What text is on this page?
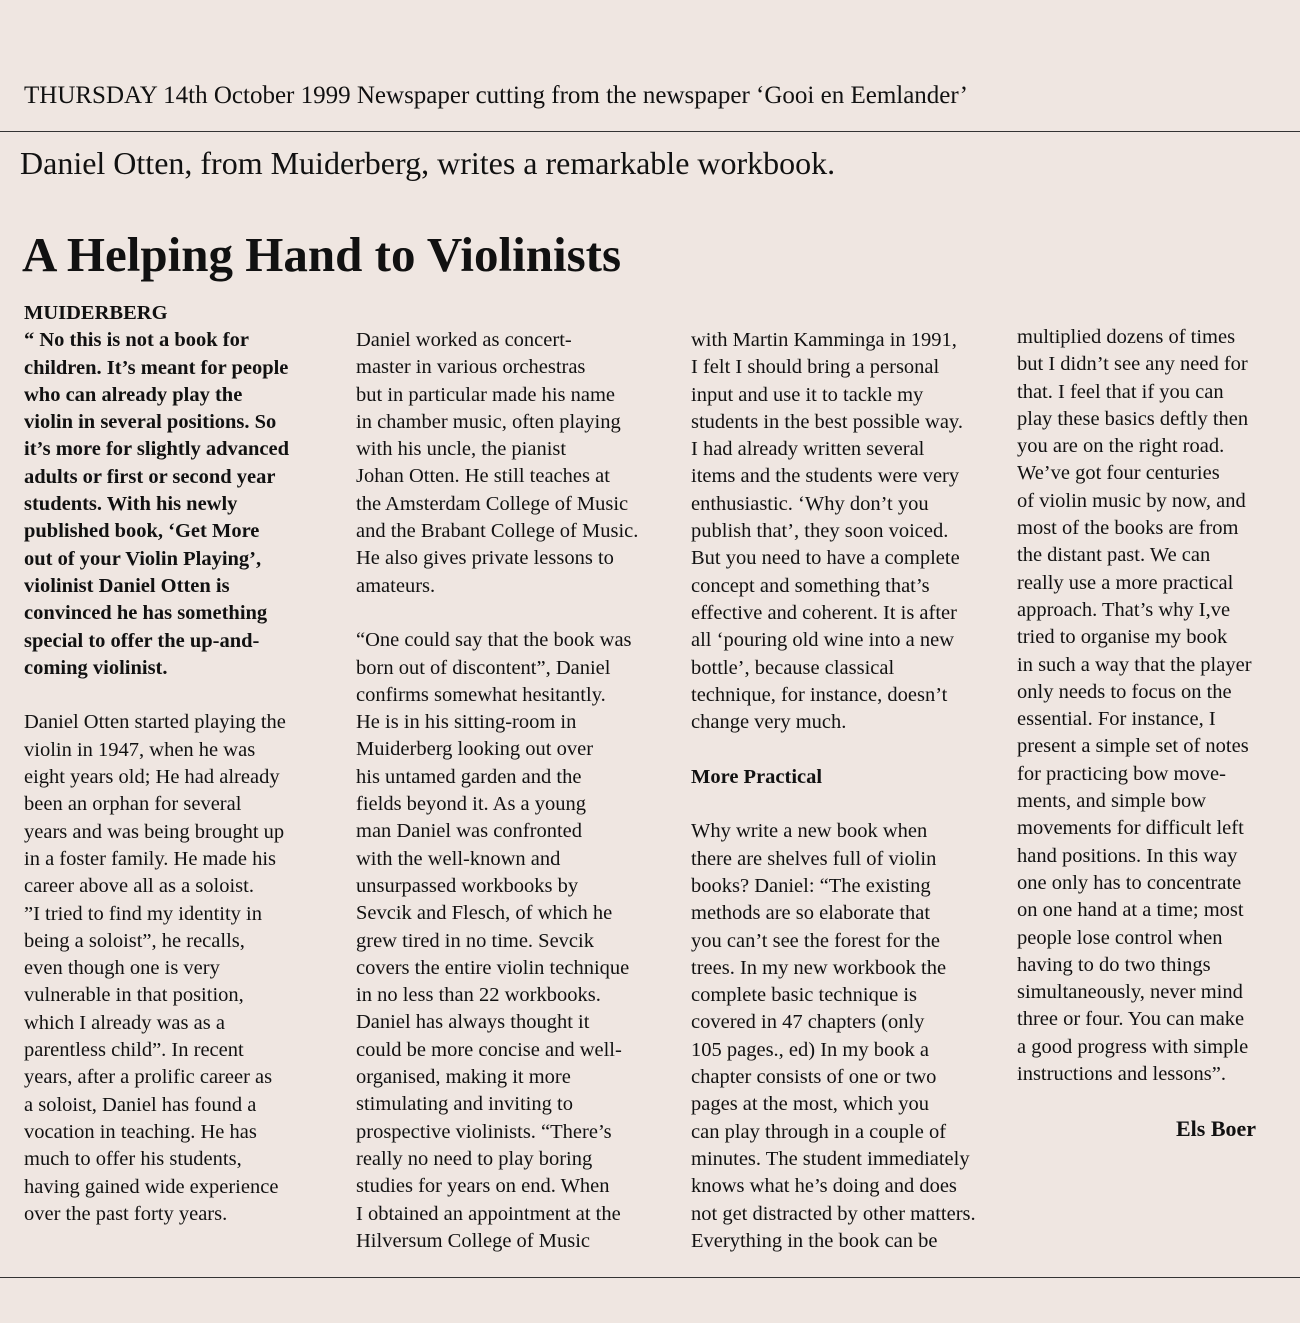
THURSDAY 14th October 1999 Newspaper cutting from the newspaper ‘Gooi en Eemlander’
Daniel Otten, from Muiderberg, writes a remarkable workbook.
A Helping Hand to Violinists
MUIDERBERG
“ No this is not a book for
children. It’s meant for people
who can already play the
violin in several positions. So
it’s more for slightly advanced
adults or first or second year
students. With his newly
published book, ‘Get More
out of your Violin Playing’,
violinist Daniel Otten is
convinced he has something
special to offer the up-and-
coming violinist.
Daniel Otten started playing the
violin in 1947, when he was
eight years old; He had already
been an orphan for several
years and was being brought up
in a foster family. He made his
career above all as a soloist.
”I tried to find my identity in
being a soloist”, he recalls,
even though one is very
vulnerable in that position,
which I already was as a
parentless child”. In recent
years, after a prolific career as
a soloist, Daniel has found a
vocation in teaching. He has
much to offer his students,
having gained wide experience
over the past forty years.
Daniel worked as concert-
master in various orchestras
but in particular made his name
in chamber music, often playing
with his uncle, the pianist
Johan Otten. He still teaches at
the Amsterdam College of Music
and the Brabant College of Music.
He also gives private lessons to
amateurs.
“One could say that the book was
born out of discontent”, Daniel
confirms somewhat hesitantly.
He is in his sitting-room in
Muiderberg looking out over
his untamed garden and the
fields beyond it. As a young
man Daniel was confronted
with the well-known and
unsurpassed workbooks by
Sevcik and Flesch, of which he
grew tired in no time. Sevcik
covers the entire violin technique
in no less than 22 workbooks.
Daniel has always thought it
could be more concise and well-
organised, making it more
stimulating and inviting to
prospective violinists. “There’s
really no need to play boring
studies for years on end. When
I obtained an appointment at the
Hilversum College of Music
with Martin Kamminga in 1991,
I felt I should bring a personal
input and use it to tackle my
students in the best possible way.
I had already written several
items and the students were very
enthusiastic. ‘Why don’t you
publish that’, they soon voiced.
But you need to have a complete
concept and something that’s
effective and coherent. It is after
all ‘pouring old wine into a new
bottle’, because classical
technique, for instance, doesn’t
change very much.
More Practical
Why write a new book when
there are shelves full of violin
books? Daniel: “The existing
methods are so elaborate that
you can’t see the forest for the
trees. In my new workbook the
complete basic technique is
covered in 47 chapters (only
105 pages., ed) In my book a
chapter consists of one or two
pages at the most, which you
can play through in a couple of
minutes. The student immediately
knows what he’s doing and does
not get distracted by other matters.
Everything in the book can be
multiplied dozens of times
but I didn’t see any need for
that. I feel that if you can
play these basics deftly then
you are on the right road.
We’ve got four centuries
of violin music by now, and
most of the books are from
the distant past. We can
really use a more practical
approach. That’s why I,ve
tried to organise my book
in such a way that the player
only needs to focus on the
essential. For instance, I
present a simple set of notes
for practicing bow move-
ments, and simple bow
movements for difficult left
hand positions. In this way
one only has to concentrate
on one hand at a time; most
people lose control when
having to do two things
simultaneously, never mind
three or four. You can make
a good progress with simple
instructions and lessons”.
Els Boer
